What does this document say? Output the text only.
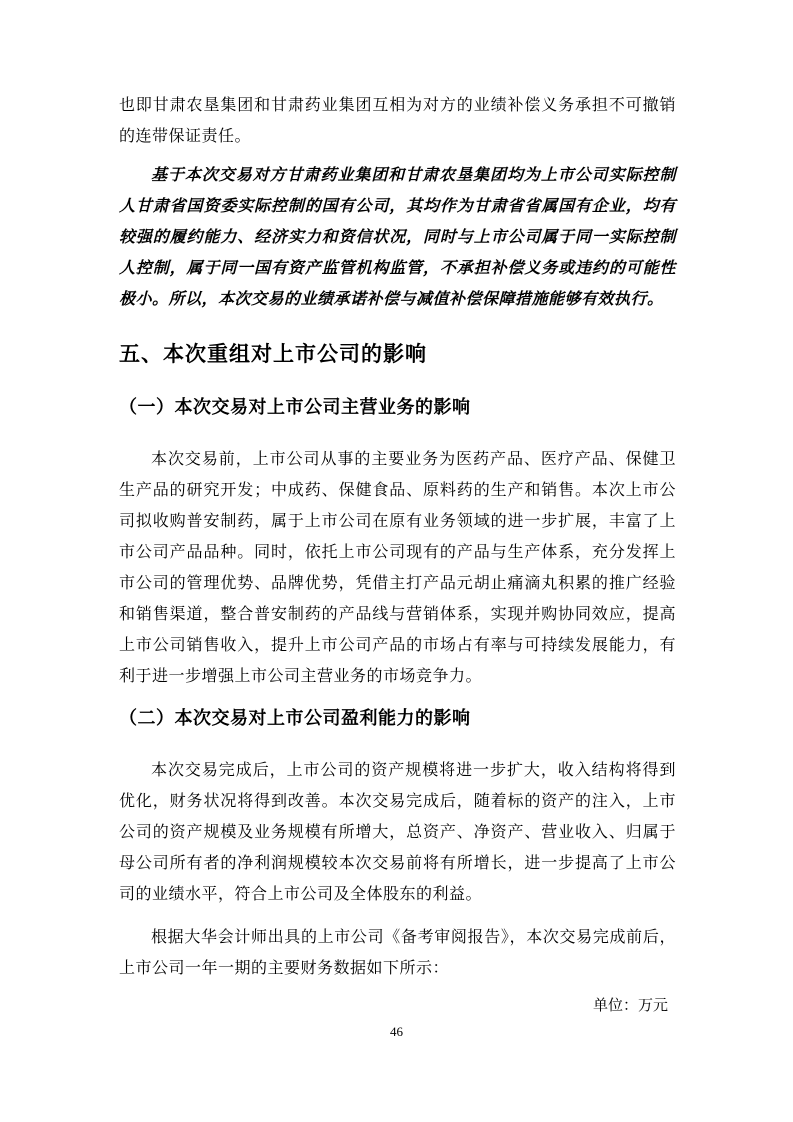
也即甘肃农垦集团和甘肃药业集团互相为对方的业绩补偿义务承担不可撤销的连带保证责任。

基于本次交易对方甘肃药业集团和甘肃农垦集团均为上市公司实际控制人甘肃省国资委实际控制的国有公司，其均作为甘肃省省属国有企业，均有较强的履约能力、经济实力和资信状况，同时与上市公司属于同一实际控制人控制，属于同一国有资产监管机构监管，不承担补偿义务或违约的可能性极小。所以，本次交易的业绩承诺补偿与减值补偿保障措施能够有效执行。

五、本次重组对上市公司的影响
（一）本次交易对上市公司主营业务的影响

本次交易前，上市公司从事的主要业务为医药产品、医疗产品、保健卫生产品的研究开发；中成药、保健食品、原料药的生产和销售。本次上市公司拟收购普安制药，属于上市公司在原有业务领域的进一步扩展，丰富了上市公司产品品种。同时，依托上市公司现有的产品与生产体系，充分发挥上市公司的管理优势、品牌优势，凭借主打产品元胡止痛滴丸积累的推广经验和销售渠道，整合普安制药的产品线与营销体系，实现并购协同效应，提高上市公司销售收入，提升上市公司产品的市场占有率与可持续发展能力，有利于进一步增强上市公司主营业务的市场竞争力。

（二）本次交易对上市公司盈利能力的影响

本次交易完成后，上市公司的资产规模将进一步扩大，收入结构将得到优化，财务状况将得到改善。本次交易完成后，随着标的资产的注入，上市公司的资产规模及业务规模有所增大，总资产、净资产、营业收入、归属于母公司所有者的净利润规模较本次交易前将有所增长，进一步提高了上市公司的业绩水平，符合上市公司及全体股东的利益。

根据大华会计师出具的上市公司《备考审阅报告》，本次交易完成前后，上市公司一年一期的主要财务数据如下所示：

单位：万元

46
